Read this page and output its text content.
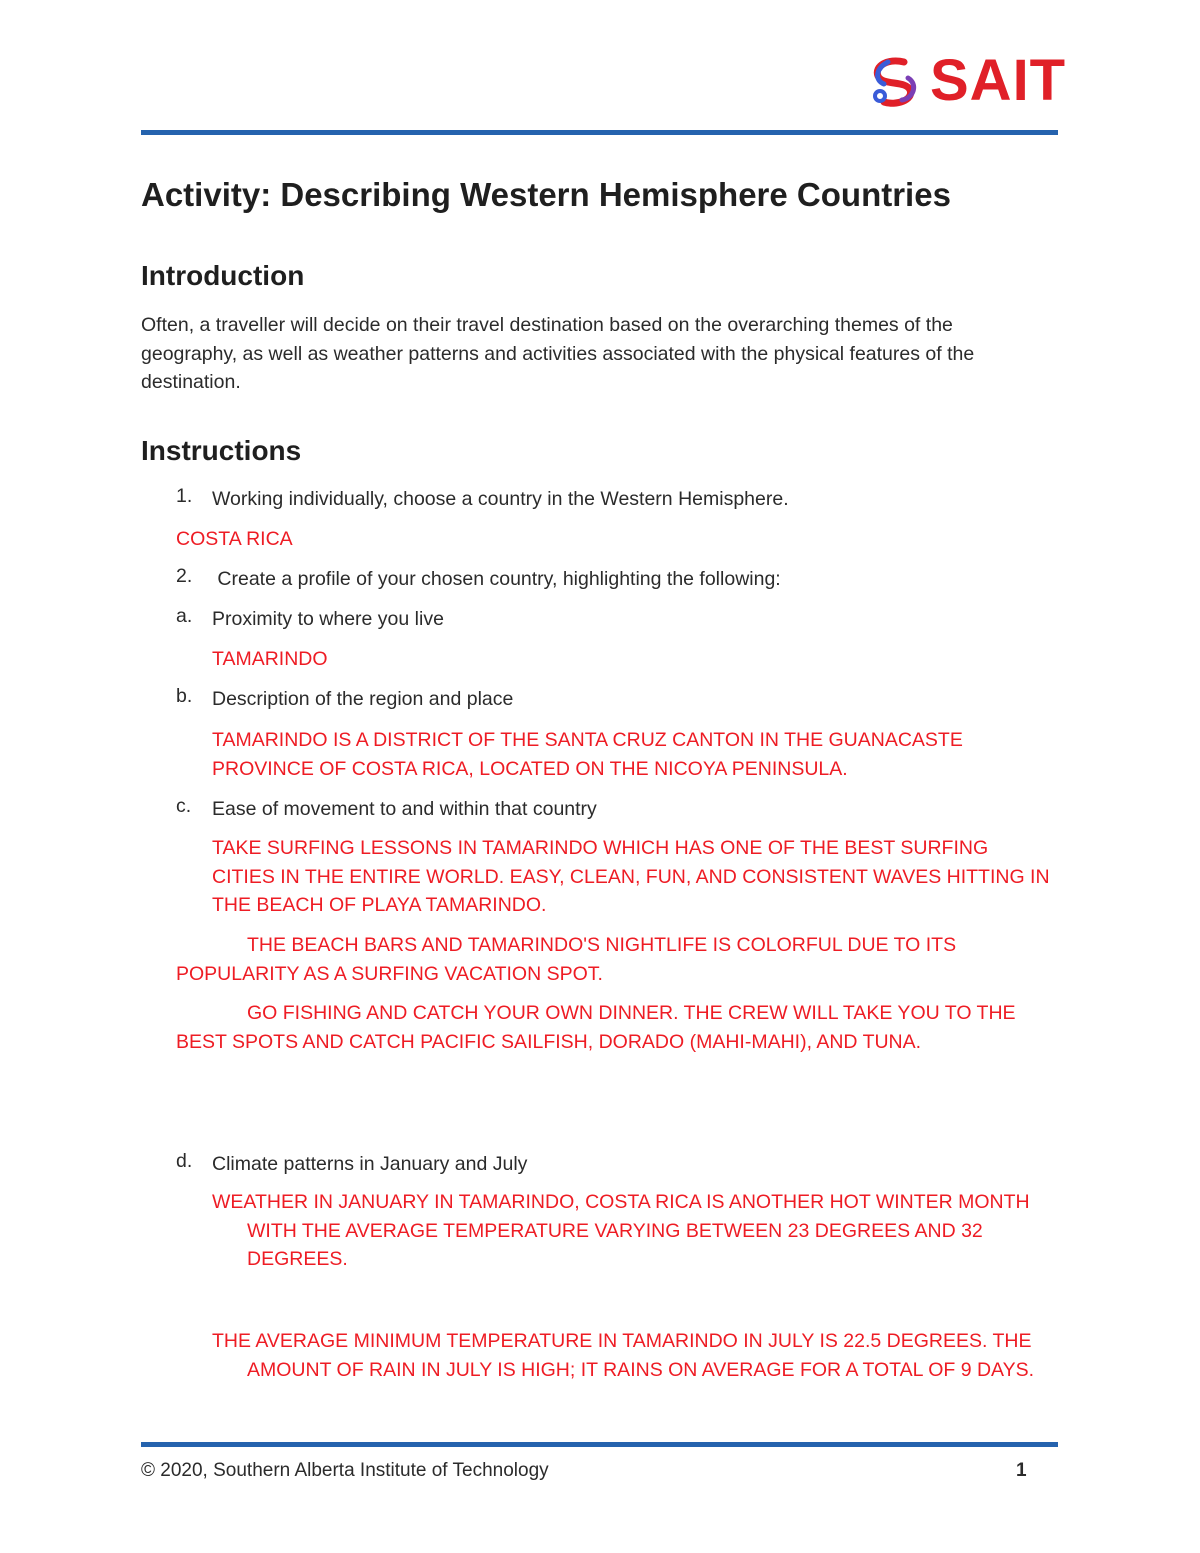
SAIT
Activity: Describing Western Hemisphere Countries
Introduction
Often, a traveller will decide on their travel destination based on the overarching themes of the geography, as well as weather patterns and activities associated with the physical features of the destination.
Instructions
1. Working individually, choose a country in the Western Hemisphere.
COSTA RICA
2. Create a profile of your chosen country, highlighting the following:
a. Proximity to where you live
TAMARINDO
b. Description of the region and place
TAMARINDO IS A DISTRICT OF THE SANTA CRUZ CANTON IN THE GUANACASTE PROVINCE OF COSTA RICA, LOCATED ON THE NICOYA PENINSULA.
c. Ease of movement to and within that country
TAKE SURFING LESSONS IN TAMARINDO WHICH HAS ONE OF THE BEST SURFING CITIES IN THE ENTIRE WORLD. EASY, CLEAN, FUN, AND CONSISTENT WAVES HITTING IN THE BEACH OF PLAYA TAMARINDO.
THE BEACH BARS AND TAMARINDO'S NIGHTLIFE IS COLORFUL DUE TO ITS POPULARITY AS A SURFING VACATION SPOT.
GO FISHING AND CATCH YOUR OWN DINNER. THE CREW WILL TAKE YOU TO THE BEST SPOTS AND CATCH PACIFIC SAILFISH, DORADO (MAHI-MAHI), AND TUNA.
d. Climate patterns in January and July
WEATHER IN JANUARY IN TAMARINDO, COSTA RICA IS ANOTHER HOT WINTER MONTH WITH THE AVERAGE TEMPERATURE VARYING BETWEEN 23 DEGREES AND 32 DEGREES.
THE AVERAGE MINIMUM TEMPERATURE IN TAMARINDO IN JULY IS 22.5 DEGREES. THE AMOUNT OF RAIN IN JULY IS HIGH; IT RAINS ON AVERAGE FOR A TOTAL OF 9 DAYS.
© 2020, Southern Alberta Institute of Technology	1
